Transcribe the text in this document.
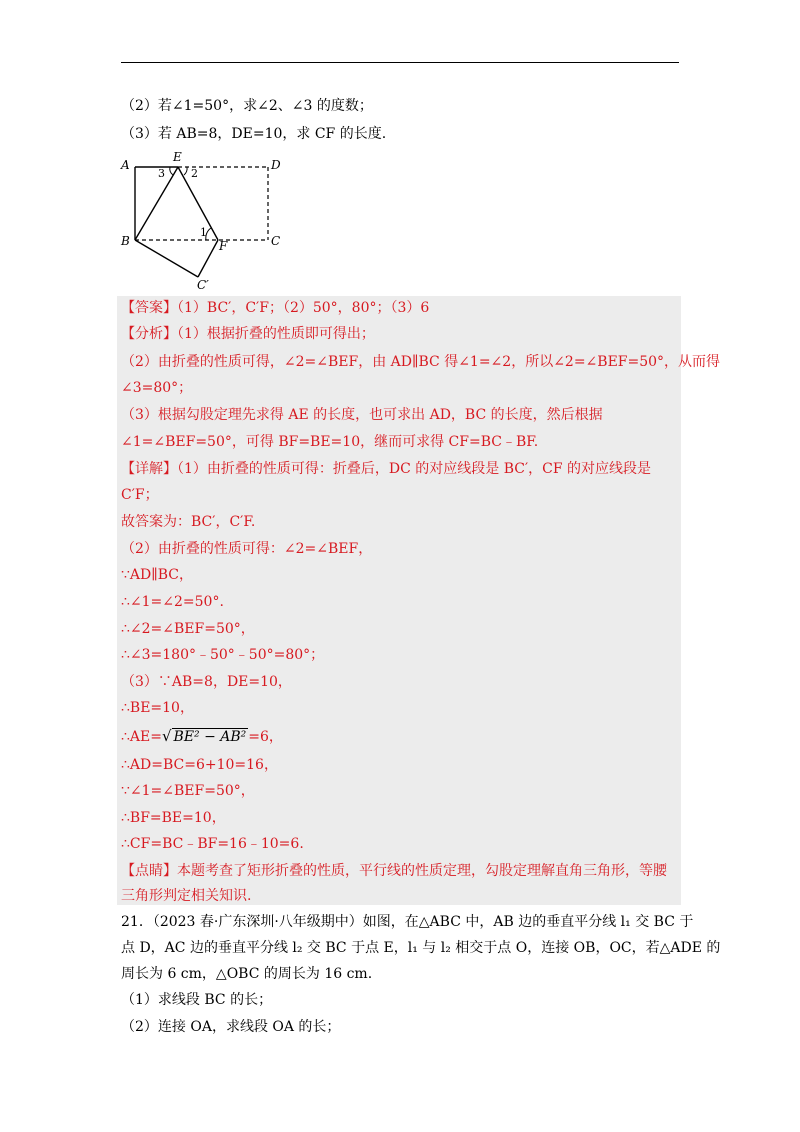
（2）若∠1=50°，求∠2、∠3 的度数；
（3）若 AB=8，DE=10，求 CF 的长度.
A
E
D
B	F	C
C′
3 2
1
【答案】（1）BC′，C′F；（2）50°，80°；（3）6
【分析】（1）根据折叠的性质即可得出；
（2）由折叠的性质可得，∠2=∠BEF，由 AD∥BC 得∠1=∠2，所以∠2=∠BEF=50°，从而得
∠3=80°；
（3）根据勾股定理先求得 AE 的长度，也可求出 AD，BC 的长度，然后根据
∠1=∠BEF=50°，可得 BF=BE=10，继而可求得 CF=BC﹣BF.
【详解】（1）由折叠的性质可得：折叠后，DC 的对应线段是 BC′，CF 的对应线段是
C′F；
故答案为：BC′，C′F.
（2）由折叠的性质可得：∠2=∠BEF，
∵AD∥BC，
∴∠1=∠2=50°.
∴∠2=∠BEF=50°，
∴∠3=180°﹣50°﹣50°=80°；
（3）∵AB=8，DE=10，
∴BE=10，
∴AE=√ BE² − AB² =6，
∴AD=BC=6+10=16，
∵∠1=∠BEF=50°，
∴BF=BE=10，
∴CF=BC﹣BF=16﹣10=6.
【点睛】本题考查了矩形折叠的性质，平行线的性质定理，勾股定理解直角三角形，等腰
三角形判定相关知识.
21．（2023 春·广东深圳·八年级期中）如图，在△ABC 中，AB 边的垂直平分线 l₁ 交 BC 于
点 D，AC 边的垂直平分线 l₂ 交 BC 于点 E，l₁ 与 l₂ 相交于点 O，连接 OB，OC，若△ADE 的
周长为 6 cm，△OBC 的周长为 16 cm.
（1）求线段 BC 的长；
（2）连接 OA，求线段 OA 的长；
